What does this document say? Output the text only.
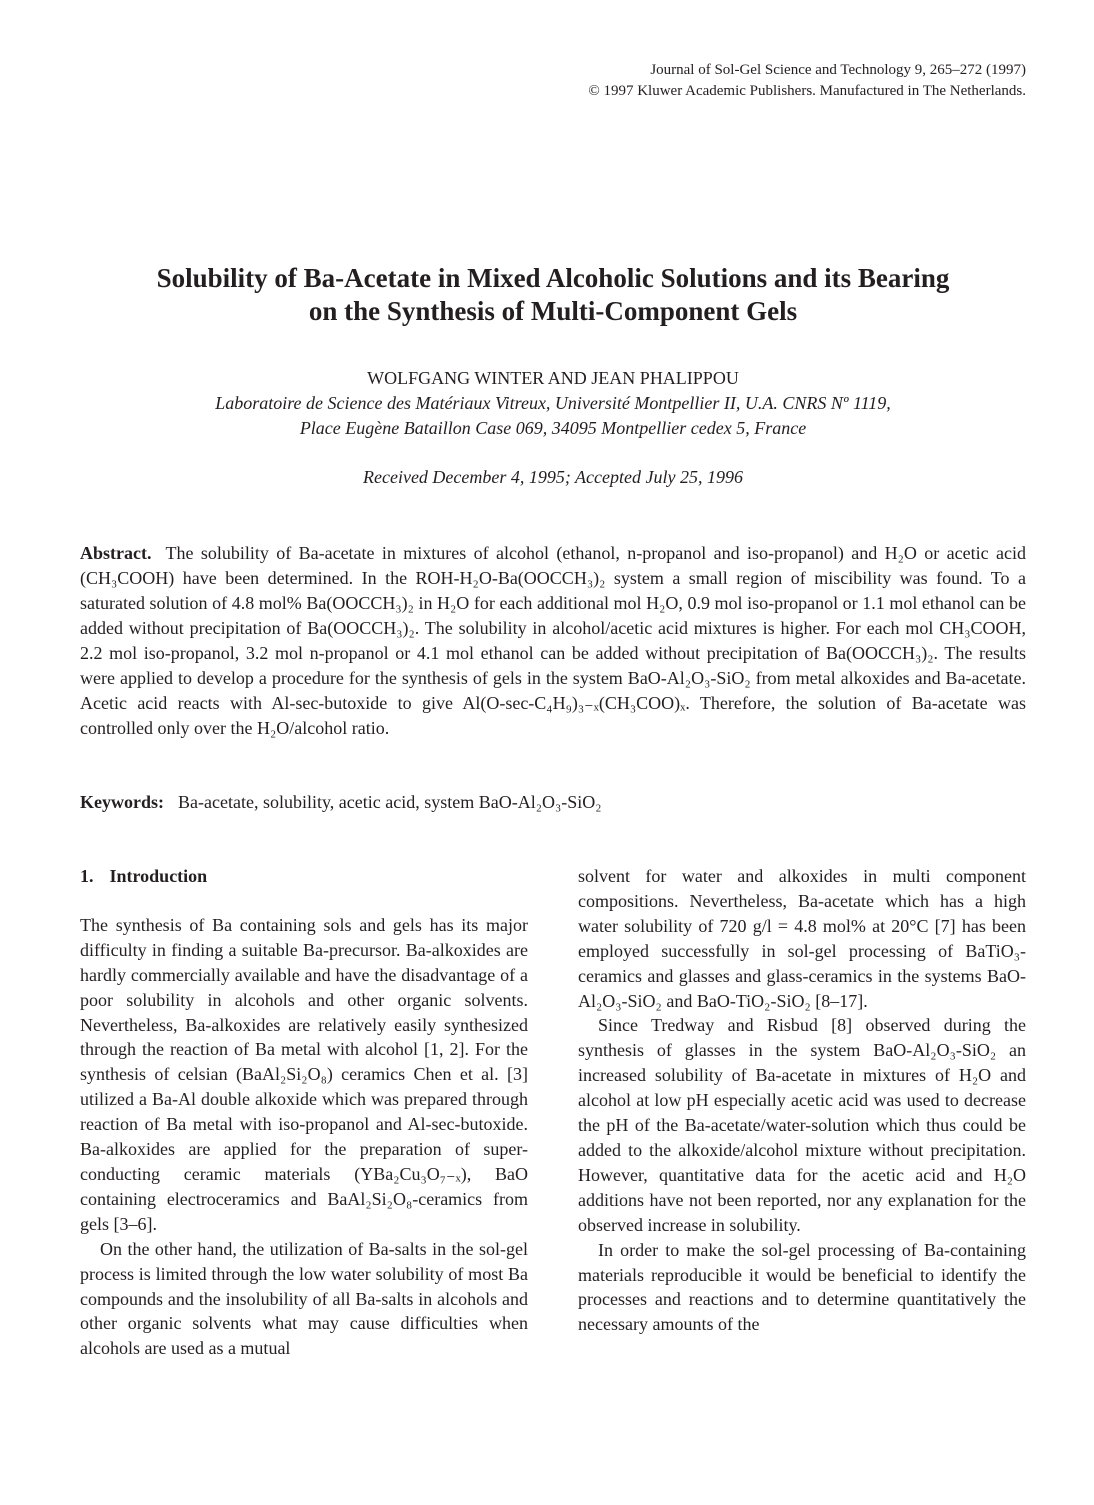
Journal of Sol-Gel Science and Technology 9, 265–272 (1997)
© 1997 Kluwer Academic Publishers. Manufactured in The Netherlands.
Solubility of Ba-Acetate in Mixed Alcoholic Solutions and its Bearing
on the Synthesis of Multi-Component Gels
WOLFGANG WINTER AND JEAN PHALIPPOU
Laboratoire de Science des Matériaux Vitreux, Université Montpellier II, U.A. CNRS Nº 1119,
Place Eugène Bataillon Case 069, 34095 Montpellier cedex 5, France
Received December 4, 1995; Accepted July 25, 1996
Abstract. The solubility of Ba-acetate in mixtures of alcohol (ethanol, n-propanol and iso-propanol) and H₂O or acetic acid (CH₃COOH) have been determined. In the ROH-H₂O-Ba(OOCCH₃)₂ system a small region of miscibility was found. To a saturated solution of 4.8 mol% Ba(OOCCH₃)₂ in H₂O for each additional mol H₂O, 0.9 mol iso-propanol or 1.1 mol ethanol can be added without precipitation of Ba(OOCCH₃)₂. The solubility in alcohol/acetic acid mixtures is higher. For each mol CH₃COOH, 2.2 mol iso-propanol, 3.2 mol n-propanol or 4.1 mol ethanol can be added without precipitation of Ba(OOCCH₃)₂. The results were applied to develop a procedure for the synthesis of gels in the system BaO-Al₂O₃-SiO₂ from metal alkoxides and Ba-acetate. Acetic acid reacts with Al-sec-butoxide to give Al(O-sec-C₄H₉)₃₋ₓ(CH₃COO)ₓ. Therefore, the solution of Ba-acetate was controlled only over the H₂O/alcohol ratio.
Keywords: Ba-acetate, solubility, acetic acid, system BaO-Al₂O₃-SiO₂
1. Introduction

The synthesis of Ba containing sols and gels has its major difficulty in finding a suitable Ba-precursor. Ba-alkoxides are hardly commercially available and have the disadvantage of a poor solubility in alcohols and other organic solvents. Nevertheless, Ba-alkoxides are relatively easily synthesized through the reaction of Ba metal with alcohol [1, 2]. For the synthesis of celsian (BaAl₂Si₂O₈) ceramics Chen et al. [3] utilized a Ba-Al double alkoxide which was prepared through reaction of Ba metal with iso-propanol and Al-sec-butoxide. Ba-alkoxides are applied for the preparation of super-conducting ceramic materials (YBa₂Cu₃O₇₋ₓ), BaO containing electroceramics and BaAl₂Si₂O₈-ceramics from gels [3–6].

On the other hand, the utilization of Ba-salts in the sol-gel process is limited through the low water solubility of most Ba compounds and the insolubility of all Ba-salts in alcohols and other organic solvents what may cause difficulties when alcohols are used as a mutual

solvent for water and alkoxides in multi component compositions. Nevertheless, Ba-acetate which has a high water solubility of 720 g/l = 4.8 mol% at 20°C [7] has been employed successfully in sol-gel processing of BaTiO₃-ceramics and glasses and glass-ceramics in the systems BaO-Al₂O₃-SiO₂ and BaO-TiO₂-SiO₂ [8–17].

Since Tredway and Risbud [8] observed during the synthesis of glasses in the system BaO-Al₂O₃-SiO₂ an increased solubility of Ba-acetate in mixtures of H₂O and alcohol at low pH especially acetic acid was used to decrease the pH of the Ba-acetate/water-solution which thus could be added to the alkoxide/alcohol mixture without precipitation. However, quantitative data for the acetic acid and H₂O additions have not been reported, nor any explanation for the observed increase in solubility.

In order to make the sol-gel processing of Ba-containing materials reproducible it would be beneficial to identify the processes and reactions and to determine quantitatively the necessary amounts of the
